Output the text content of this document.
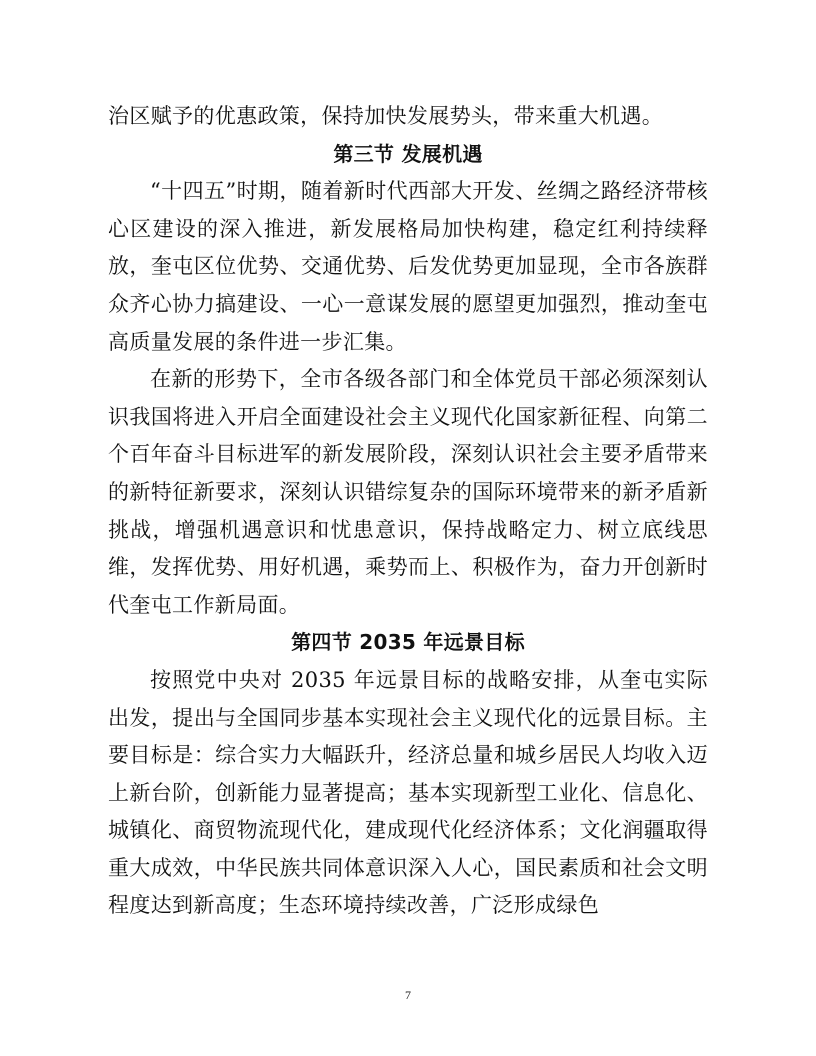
治区赋予的优惠政策，保持加快发展势头，带来重大机遇。

第三节 发展机遇

“十四五”时期，随着新时代西部大开发、丝绸之路经济带核心区建设的深入推进，新发展格局加快构建，稳定红利持续释放，奎屯区位优势、交通优势、后发优势更加显现，全市各族群众齐心协力搞建设、一心一意谋发展的愿望更加强烈，推动奎屯高质量发展的条件进一步汇集。

在新的形势下，全市各级各部门和全体党员干部必须深刻认识我国将进入开启全面建设社会主义现代化国家新征程、向第二个百年奋斗目标进军的新发展阶段，深刻认识社会主要矛盾带来的新特征新要求，深刻认识错综复杂的国际环境带来的新矛盾新挑战，增强机遇意识和忧患意识，保持战略定力、树立底线思维，发挥优势、用好机遇，乘势而上、积极作为，奋力开创新时代奎屯工作新局面。

第四节 2035 年远景目标

按照党中央对 2035 年远景目标的战略安排，从奎屯实际出发，提出与全国同步基本实现社会主义现代化的远景目标。主要目标是：综合实力大幅跃升，经济总量和城乡居民人均收入迈上新台阶，创新能力显著提高；基本实现新型工业化、信息化、城镇化、商贸物流现代化，建成现代化经济体系；文化润疆取得重大成效，中华民族共同体意识深入人心，国民素质和社会文明程度达到新高度；生态环境持续改善，广泛形成绿色

7
